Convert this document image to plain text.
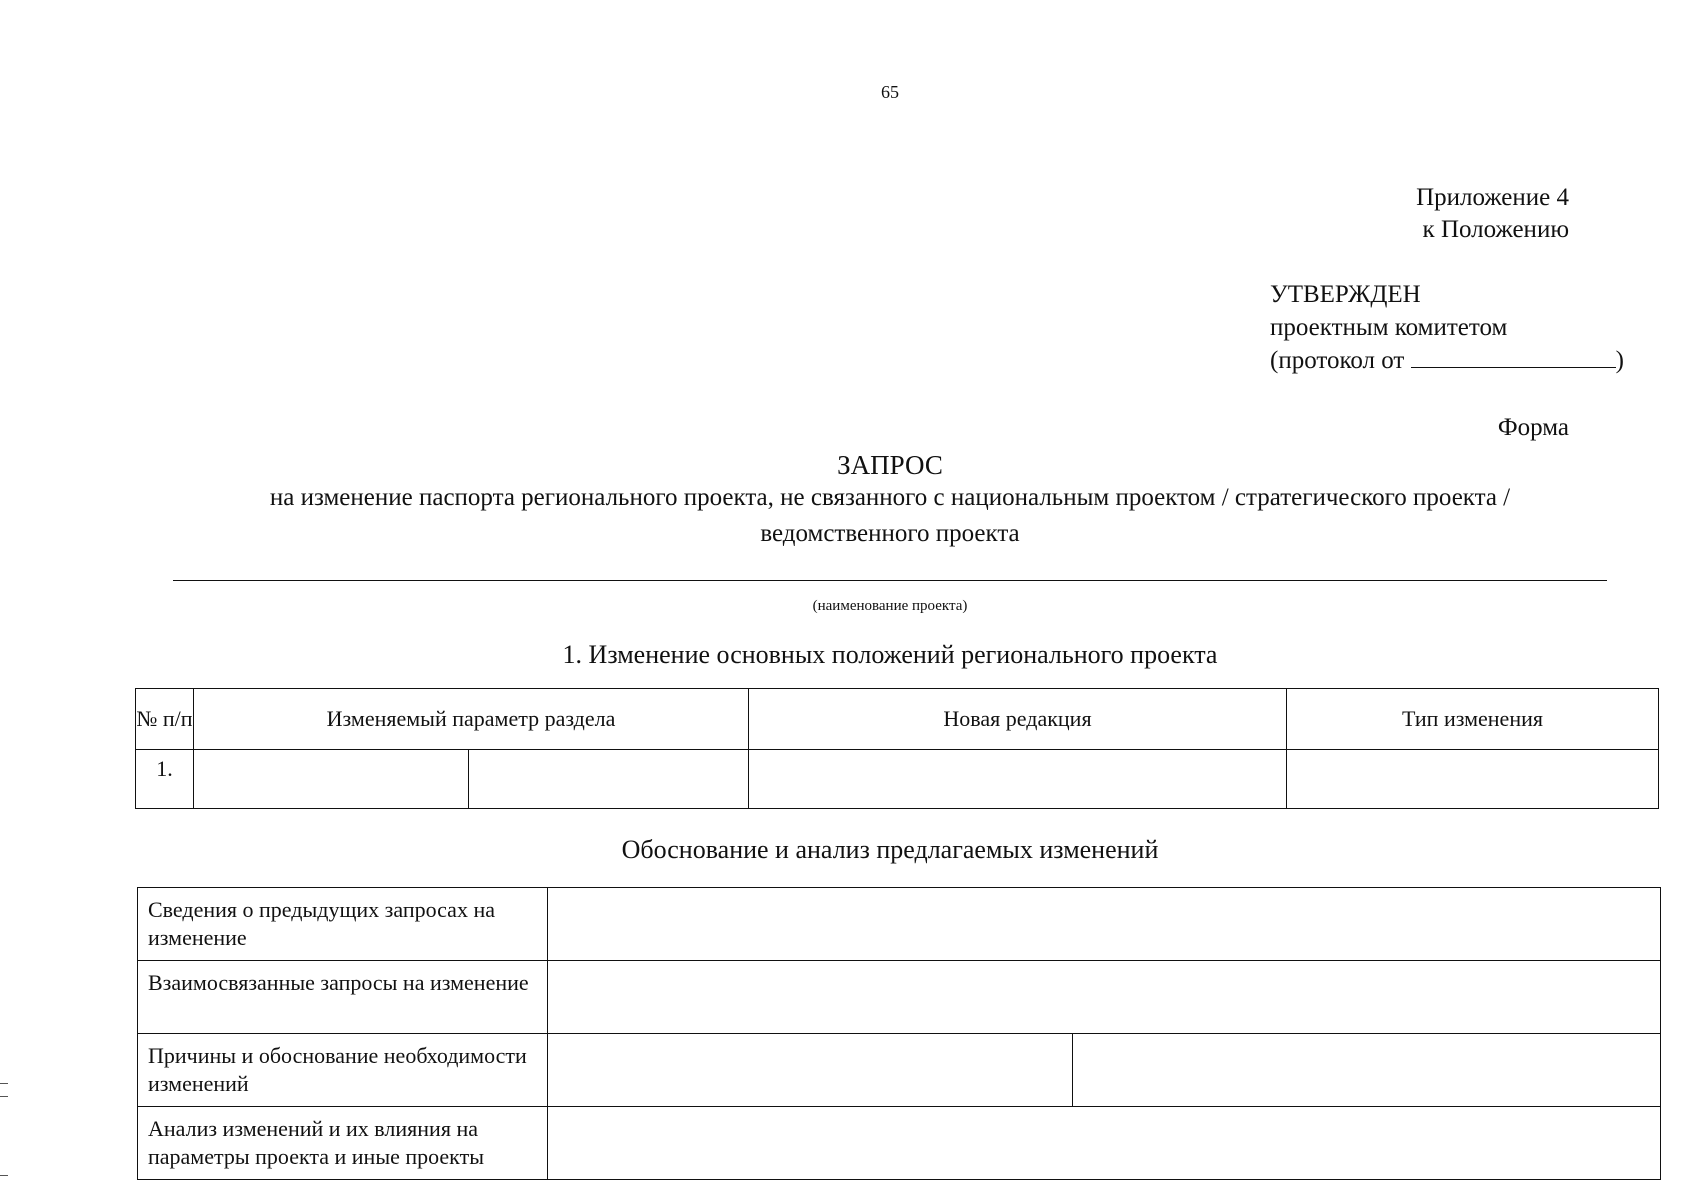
65
Приложение 4
к Положению
УТВЕРЖДЕН
проектным комитетом
(протокол от	)
Форма
ЗАПРОС
на изменение паспорта регионального проекта, не связанного с национальным проектом / стратегического проекта / ведомственного проекта
(наименование проекта)
1. Изменение основных положений регионального проекта
№ п/п	Изменяемый параметр раздела		Новая редакция	Тип изменения
1.				
Обоснование и анализ предлагаемых изменений
Сведения о предыдущих запросах на изменение		
Взаимосвязанные запросы на изменение		
Причины и обоснование необходимости изменений		
Анализ изменений и их влияния на параметры проекта и иные проекты		
